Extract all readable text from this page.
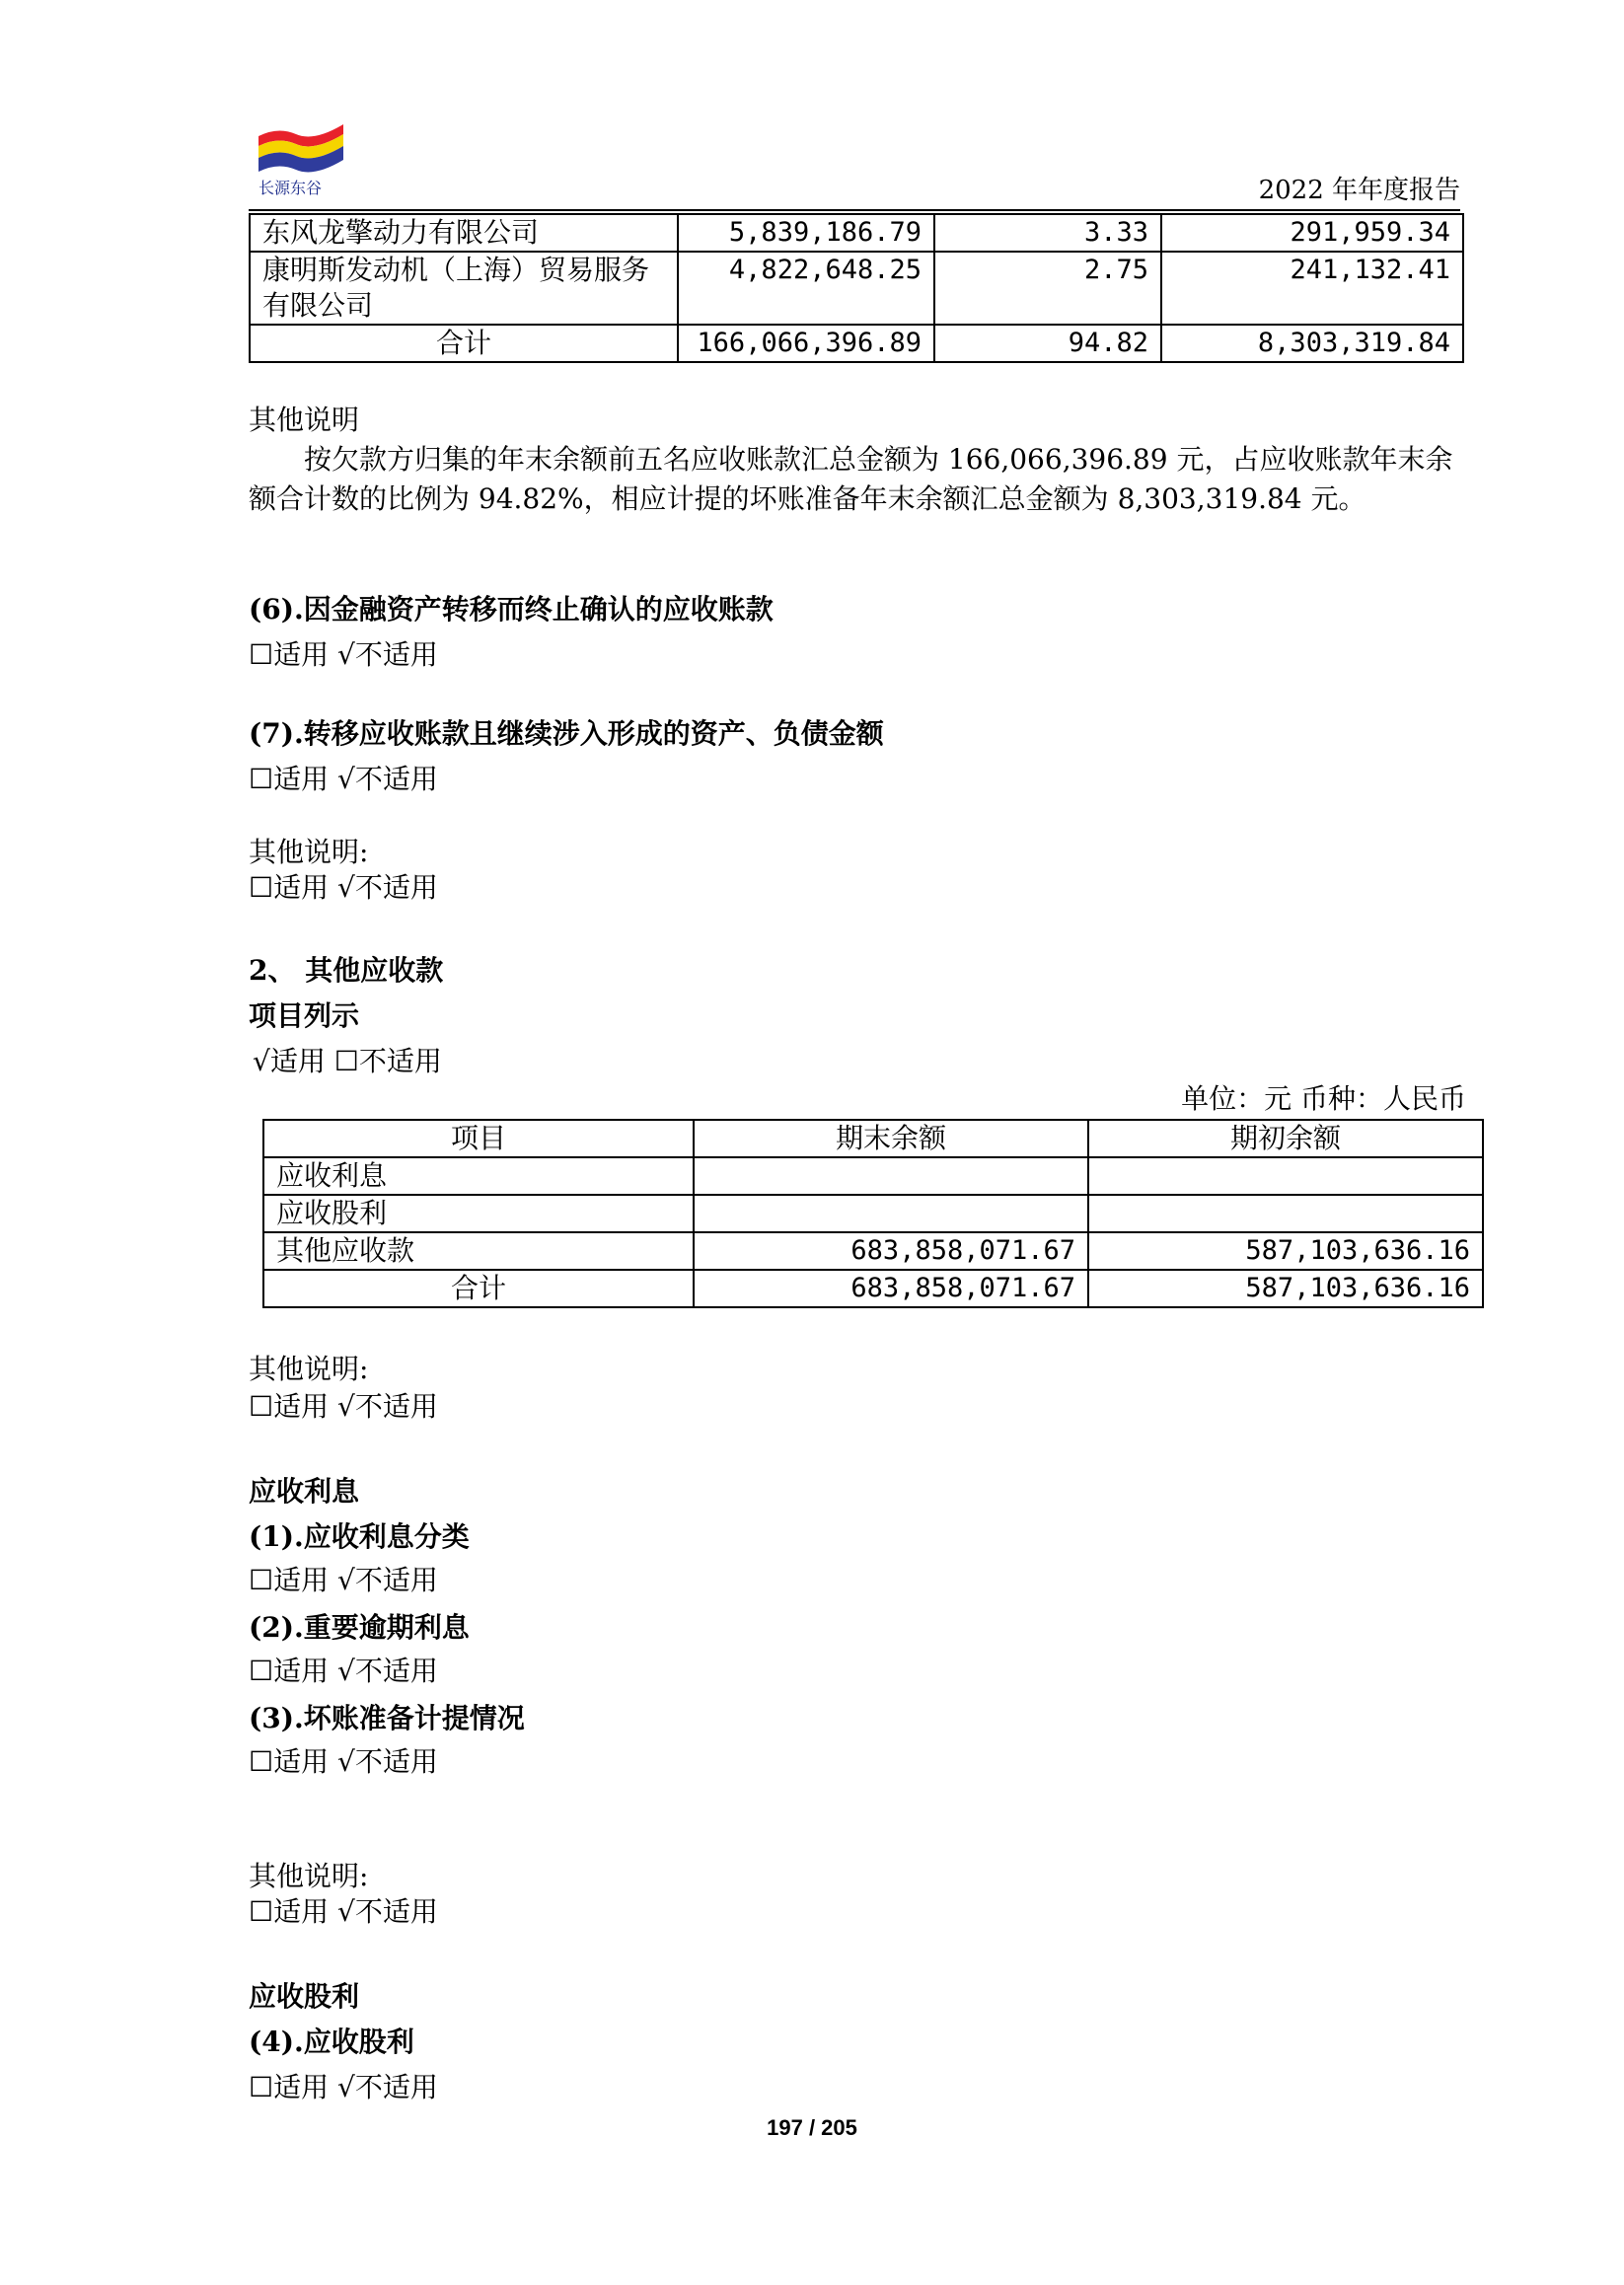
长源东谷	2022 年年度报告
东风龙擎动力有限公司	5,839,186.79	3.33	291,959.34
康明斯发动机（上海）贸易服务有限公司	4,822,648.25	2.75	241,132.41
合计	166,066,396.89	94.82	8,303,319.84
其他说明
按欠款方归集的年末余额前五名应收账款汇总金额为 166,066,396.89 元，占应收账款年末余额合计数的比例为 94.82%，相应计提的坏账准备年末余额汇总金额为 8,303,319.84 元。
(6).因金融资产转移而终止确认的应收账款
☐适用 √不适用
(7).转移应收账款且继续涉入形成的资产、负债金额
☐适用 √不适用
其他说明:
☐适用 √不适用
2、 其他应收款
项目列示
√适用 ☐不适用
单位：元 币种：人民币
项目	期末余额	期初余额
应收利息		
应收股利		
其他应收款	683,858,071.67	587,103,636.16
合计	683,858,071.67	587,103,636.16
其他说明:
☐适用 √不适用
应收利息
(1).应收利息分类
☐适用 √不适用
(2).重要逾期利息
☐适用 √不适用
(3).坏账准备计提情况
☐适用 √不适用
其他说明:
☐适用 √不适用
应收股利
(4).应收股利
☐适用 √不适用
197 / 205
